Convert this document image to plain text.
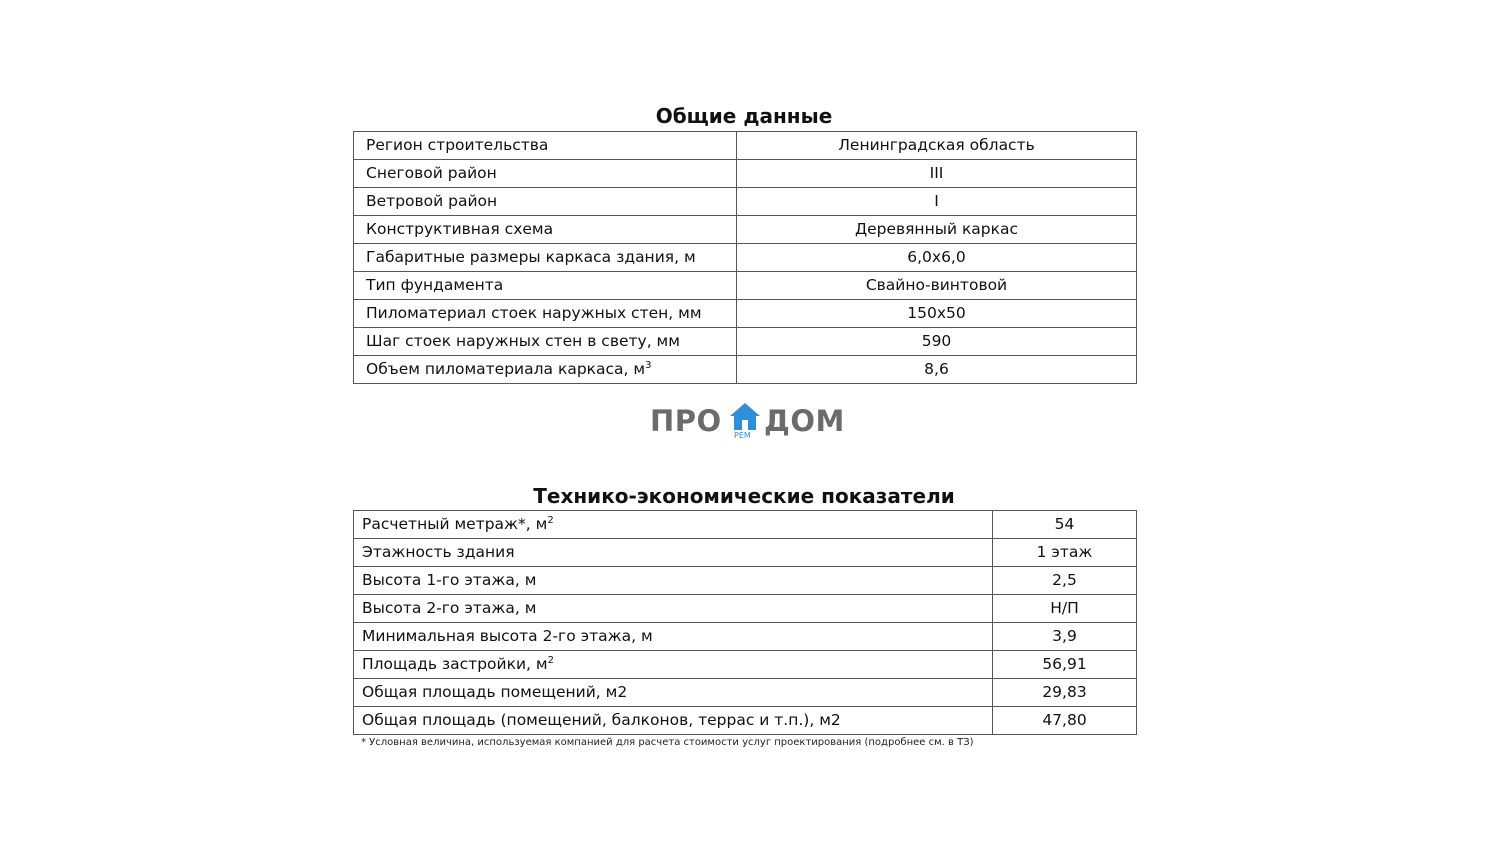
Общие данные
Регион строительства	Ленинградская область
Снеговой район	III
Ветровой район	I
Конструктивная схема	Деревянный каркас
Габаритные размеры каркаса здания, м	6,0х6,0
Тип фундамента	Свайно-винтовой
Пиломатериал стоек наружных стен, мм	150х50
Шаг стоек наружных стен в свету, мм	590
Объем пиломатериала каркаса, $м^3$	8,6
ПРО РЕМ ДОМ
Технико-экономические показатели
Расчетный метраж*, $м^2$	54
Этажность здания	1 этаж
Высота 1-го этажа, м	2,5
Высота 2-го этажа, м	Н/П
Минимальная высота 2-го этажа, м	3,9
Площадь застройки, $м^2$	56,91
Общая площадь помещений, м2	29,83
Общая площадь (помещений, балконов, террас и т.п.), м2	47,80
* Условная величина, используемая компанией для расчета стоимости услуг проектирования (подробнее см. в ТЗ)
